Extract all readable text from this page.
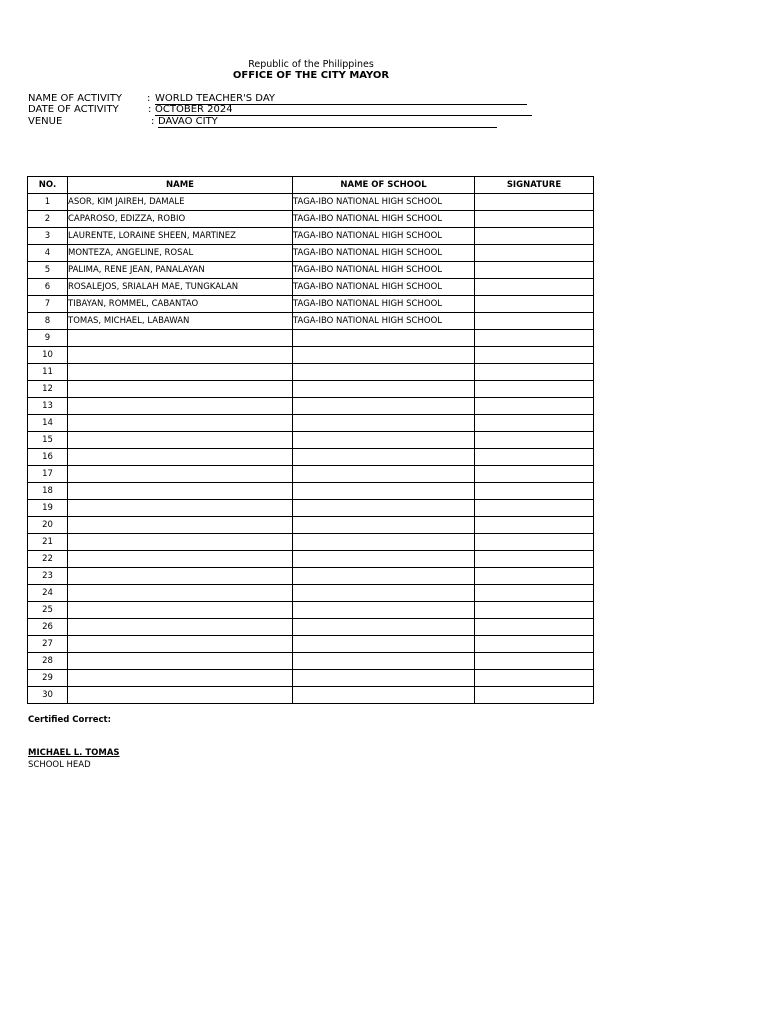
Republic of the Philippines
OFFICE OF THE CITY MAYOR
NAME OF ACTIVITY	: WORLD TEACHER'S DAY
DATE OF ACTIVITY	: OCTOBER 2024
VENUE	: DAVAO CITY
NO.	NAME	NAME OF SCHOOL	SIGNATURE
1	ASOR, KIM JAIREH, DAMALE	TAGA-IBO NATIONAL HIGH SCHOOL	
2	CAPAROSO, EDIZZA, ROBIO	TAGA-IBO NATIONAL HIGH SCHOOL	
3	LAURENTE, LORAINE SHEEN, MARTINEZ	TAGA-IBO NATIONAL HIGH SCHOOL	
4	MONTEZA, ANGELINE, ROSAL	TAGA-IBO NATIONAL HIGH SCHOOL	
5	PALIMA, RENE JEAN, PANALAYAN	TAGA-IBO NATIONAL HIGH SCHOOL	
6	ROSALEJOS, SRIALAH MAE, TUNGKALAN	TAGA-IBO NATIONAL HIGH SCHOOL	
7	TIBAYAN, ROMMEL, CABANTAO	TAGA-IBO NATIONAL HIGH SCHOOL	
8	TOMAS, MICHAEL, LABAWAN	TAGA-IBO NATIONAL HIGH SCHOOL	
9			
10			
11			
12			
13			
14			
15			
16			
17			
18			
19			
20			
21			
22			
23			
24			
25			
26			
27			
28			
29			
30			
Certified Correct:
MICHAEL L. TOMAS
SCHOOL HEAD
